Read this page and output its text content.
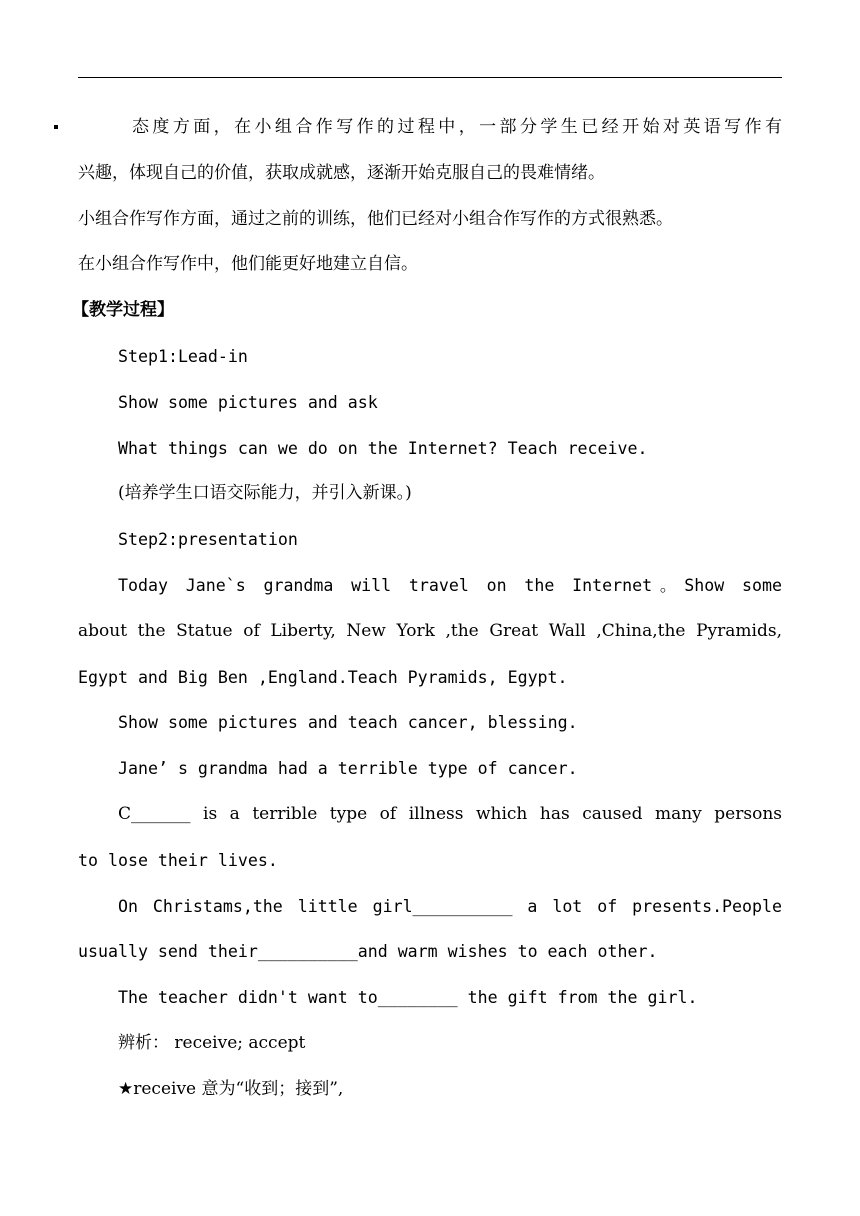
态度方面，在小组合作写作的过程中，一部分学生已经开始对英语写作有
兴趣，体现自己的价值，获取成就感，逐渐开始克服自己的畏难情绪。
小组合作写作方面，通过之前的训练，他们已经对小组合作写作的方式很熟悉。
在小组合作写作中，他们能更好地建立自信。
【教学过程】
Step1:Lead-in
Show some pictures and ask
What things can we do on the Internet? Teach receive.
(培养学生口语交际能力，并引入新课。)
Step2:presentation
Today Jane`s grandma will travel on the Internet。Show some
about the Statue of Liberty, New York ,the Great Wall ,China,the Pyramids,
Egypt and Big Ben ,England.Teach Pyramids, Egypt.
Show some pictures and teach cancer, blessing.
Jane’ s grandma had a terrible type of cancer.
C_______ is a terrible type of illness which has caused many persons
to lose their lives.
On Christams,the little girl__________ a lot of presents.People
usually send their__________and warm wishes to each other.
The teacher didn't want to________ the gift from the girl.
辨析： receive; accept
★receive 意为“收到；接到”,
